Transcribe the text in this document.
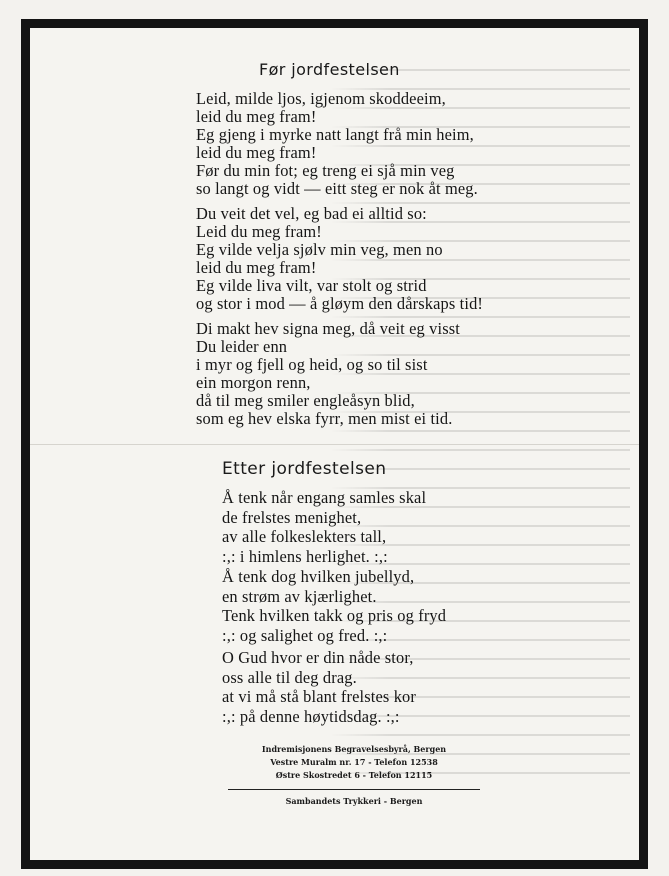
Før jordfestelsen
Leid, milde ljos, igjenom skoddeeim,
leid du meg fram!
Eg gjeng i myrke natt langt frå min heim,
leid du meg fram!
Før du min fot; eg treng ei sjå min veg
so langt og vidt — eitt steg er nok åt meg.
Du veit det vel, eg bad ei alltid so:
Leid du meg fram!
Eg vilde velja sjølv min veg, men no
leid du meg fram!
Eg vilde liva vilt, var stolt og strid
og stor i mod — å gløym den dårskaps tid!
Di makt hev signa meg, då veit eg visst
Du leider enn
i myr og fjell og heid, og so til sist
ein morgon renn,
då til meg smiler engleåsyn blid,
som eg hev elska fyrr, men mist ei tid.
Etter jordfestelsen
Å tenk når engang samles skal
de frelstes menighet,
av alle folkeslekters tall,
:,: i himlens herlighet. :,:
Å tenk dog hvilken jubellyd,
en strøm av kjærlighet.
Tenk hvilken takk og pris og fryd
:,: og salighet og fred. :,:
O Gud hvor er din nåde stor,
oss alle til deg drag.
at vi må stå blant frelstes kor
:,: på denne høytidsdag. :,:
Indremisjonens Begravelsesbyrå, Bergen
Vestre Muralm nr. 17 - Telefon 12538
Østre Skostredet 6 - Telefon 12115
Sambandets Trykkeri - Bergen
